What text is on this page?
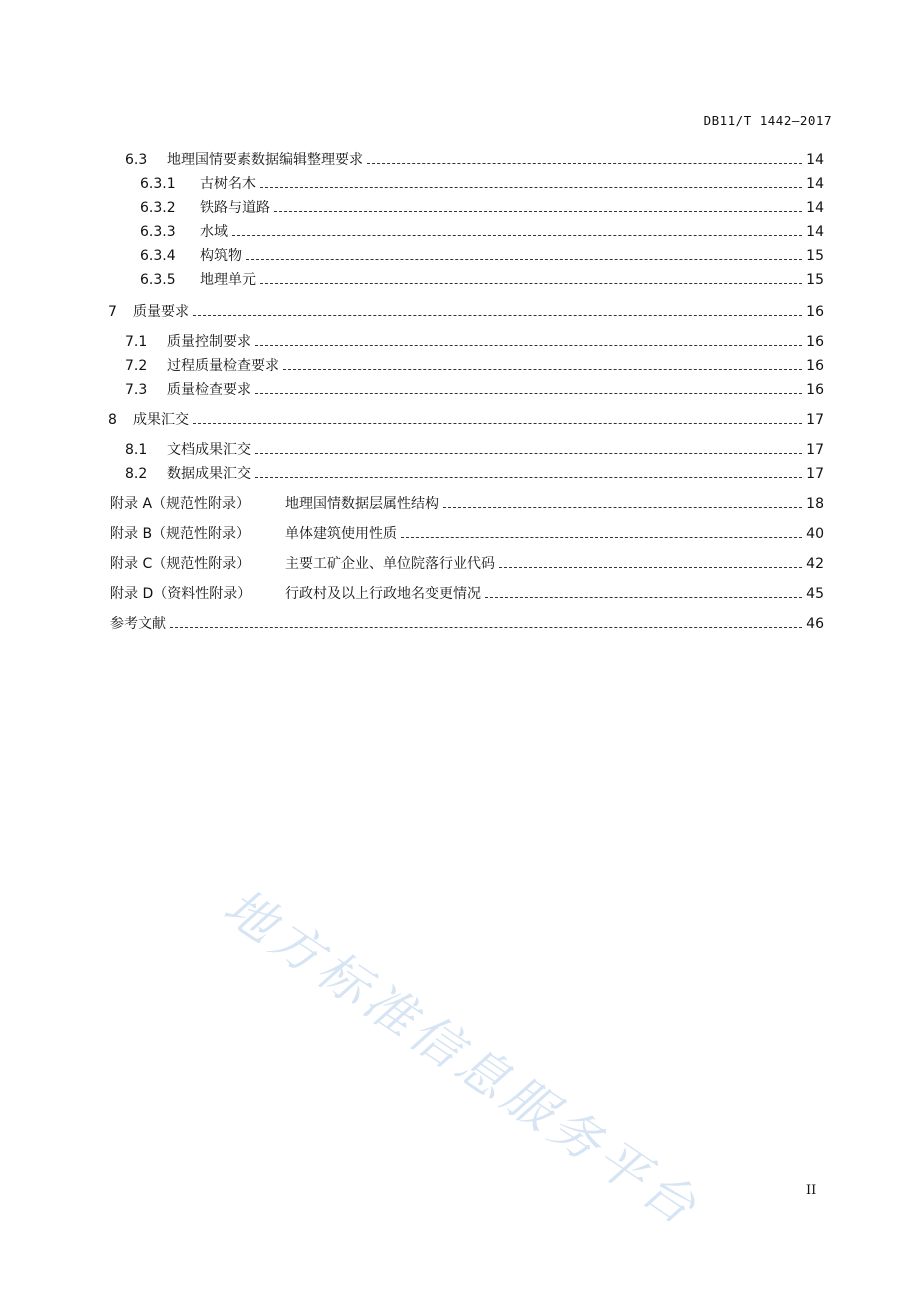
DB11/T 1442—2017
6.3	地理国情要素数据编辑整理要求	14
6.3.1	古树名木	14
6.3.2	铁路与道路	14
6.3.3	水域	14
6.3.4	构筑物	15
6.3.5	地理单元	15
7	质量要求	16
7.1	质量控制要求	16
7.2	过程质量检查要求	16
7.3	质量检查要求	16
8	成果汇交	17
8.1	文档成果汇交	17
8.2	数据成果汇交	17
附录 A（规范性附录）	地理国情数据层属性结构	18
附录 B（规范性附录）	单体建筑使用性质	40
附录 C（规范性附录）	主要工矿企业、单位院落行业代码	42
附录 D（资料性附录）	行政村及以上行政地名变更情况	45
参考文献	46
II
地方标准信息服务平台
